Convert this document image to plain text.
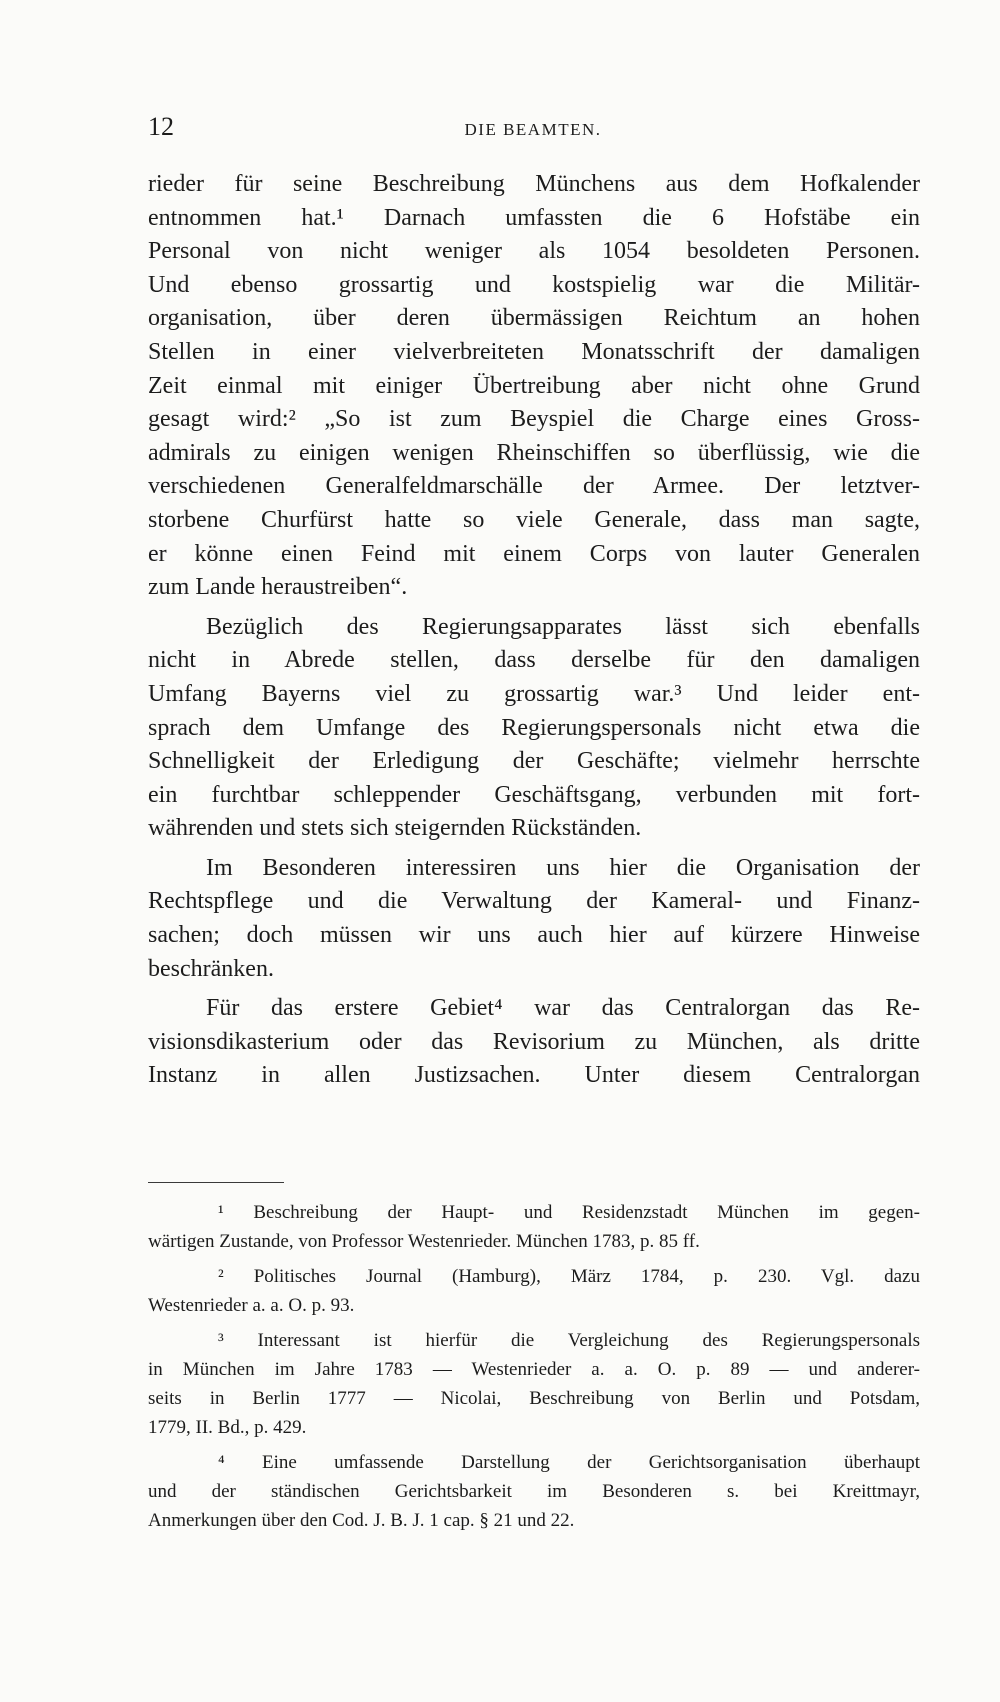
12	DIE BEAMTEN.
rieder für seine Beschreibung Münchens aus dem Hofkalender
entnommen hat.¹ Darnach umfassten die 6 Hofstäbe ein
Personal von nicht weniger als 1054 besoldeten Personen.
Und ebenso grossartig und kostspielig war die Militär-
organisation, über deren übermässigen Reichtum an hohen
Stellen in einer vielverbreiteten Monatsschrift der damaligen
Zeit einmal mit einiger Übertreibung aber nicht ohne Grund
gesagt wird:² „So ist zum Beyspiel die Charge eines Gross-
admirals zu einigen wenigen Rheinschiffen so überflüssig, wie die
verschiedenen Generalfeldmarschälle der Armee. Der letztver-
storbene Churfürst hatte so viele Generale, dass man sagte,
er könne einen Feind mit einem Corps von lauter Generalen
zum Lande heraustreiben“.
Bezüglich des Regierungsapparates lässt sich ebenfalls
nicht in Abrede stellen, dass derselbe für den damaligen
Umfang Bayerns viel zu grossartig war.³ Und leider ent-
sprach dem Umfange des Regierungspersonals nicht etwa die
Schnelligkeit der Erledigung der Geschäfte; vielmehr herrschte
ein furchtbar schleppender Geschäftsgang, verbunden mit fort-
währenden und stets sich steigernden Rückständen.
Im Besonderen interessiren uns hier die Organisation der
Rechtspflege und die Verwaltung der Kameral- und Finanz-
sachen; doch müssen wir uns auch hier auf kürzere Hinweise
beschränken.
Für das erstere Gebiet⁴ war das Centralorgan das Re-
visionsdikasterium oder das Revisorium zu München, als dritte
Instanz in allen Justizsachen. Unter diesem Centralorgan
¹ Beschreibung der Haupt- und Residenzstadt München im gegen-
wärtigen Zustande, von Professor Westenrieder. München 1783, p. 85 ff.
² Politisches Journal (Hamburg), März 1784, p. 230. Vgl. dazu
Westenrieder a. a. O. p. 93.
³ Interessant ist hierfür die Vergleichung des Regierungspersonals
in München im Jahre 1783 — Westenrieder a. a. O. p. 89 — und anderer-
seits in Berlin 1777 — Nicolai, Beschreibung von Berlin und Potsdam,
1779, II. Bd., p. 429.
⁴ Eine umfassende Darstellung der Gerichtsorganisation überhaupt
und der ständischen Gerichtsbarkeit im Besonderen s. bei Kreittmayr,
Anmerkungen über den Cod. J. B. J. 1 cap. § 21 und 22.
